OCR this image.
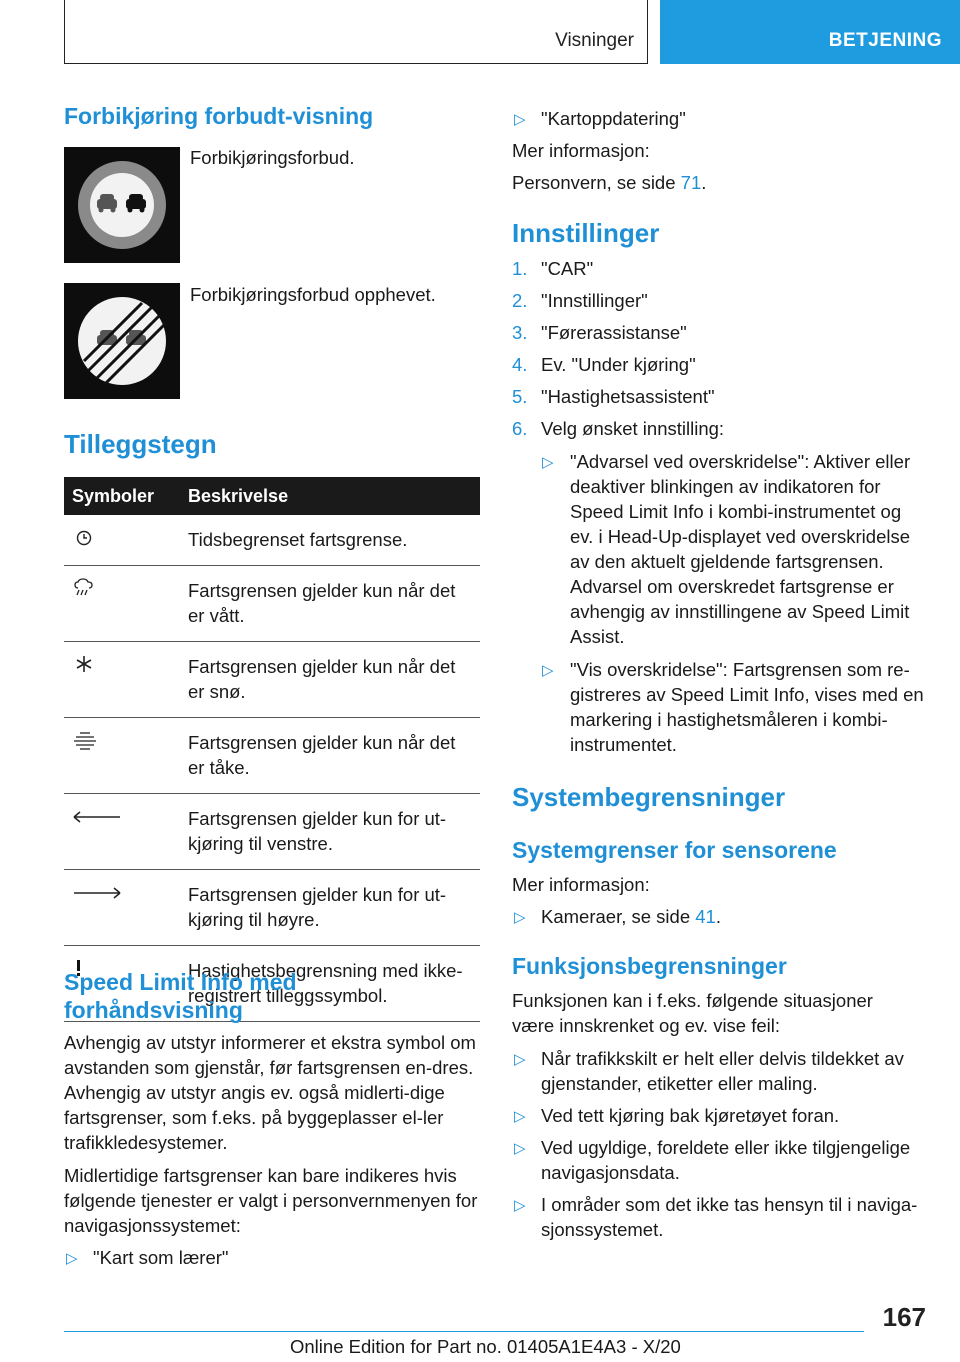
Visninger	BETJENING
Forbikjøring forbudt-visning
Forbikjøringsforbud.
Forbikjøringsforbud opphevet.
Tilleggstegn
Symboler	Beskrivelse
	Tidsbegrenset fartsgrense.
	Fartsgrensen gjelder kun når det er vått.
	Fartsgrensen gjelder kun når det er snø.
	Fartsgrensen gjelder kun når det er tåke.
	Fartsgrensen gjelder kun for ut-kjøring til venstre.
	Fartsgrensen gjelder kun for ut-kjøring til høyre.
	Hastighetsbegrensning med ikke-registrert tilleggssymbol.
Speed Limit Info med forhåndsvisning
Avhengig av utstyr informerer et ekstra symbol om avstanden som gjenstår, før fartsgrensen en-dres. Avhengig av utstyr angis ev. også midlerti-dige fartsgrenser, som f.eks. på byggeplasser el-ler trafikkledesystemer.
Midlertidige fartsgrenser kan bare indikeres hvis følgende tjenester er valgt i personvernmenyen for navigasjonssystemet:
▷ "Kart som lærer"
▷ "Kartoppdatering"
Mer informasjon:
Personvern, se side 71.
Innstillinger
1. "CAR"
2. "Innstillinger"
3. "Førerassistanse"
4. Ev. "Under kjøring"
5. "Hastighetsassistent"
6. Velg ønsket innstilling:
▷ "Advarsel ved overskridelse": Aktiver eller deaktiver blinkingen av indikatoren for Speed Limit Info i kombi-instrumentet og ev. i Head-Up-displayet ved overskridelse av den aktuelt gjeldende fartsgrensen. Advarsel om overskredet fartsgrense er avhengig av innstillingene av Speed Limit Assist.
▷ "Vis overskridelse": Fartsgrensen som re-gistreres av Speed Limit Info, vises med en markering i hastighetsmåleren i kombi-instrumentet.
Systembegrensninger
Systemgrenser for sensorene
Mer informasjon:
▷ Kameraer, se side 41.
Funksjonsbegrensninger
Funksjonen kan i f.eks. følgende situasjoner være innskrenket og ev. vise feil:
▷ Når trafikkskilt er helt eller delvis tildekket av gjenstander, etiketter eller maling.
▷ Ved tett kjøring bak kjøretøyet foran.
▷ Ved ugyldige, foreldete eller ikke tilgjengelige navigasjonsdata.
▷ I områder som det ikke tas hensyn til i naviga-sjonssystemet.
167
Online Edition for Part no. 01405A1E4A3 - X/20
